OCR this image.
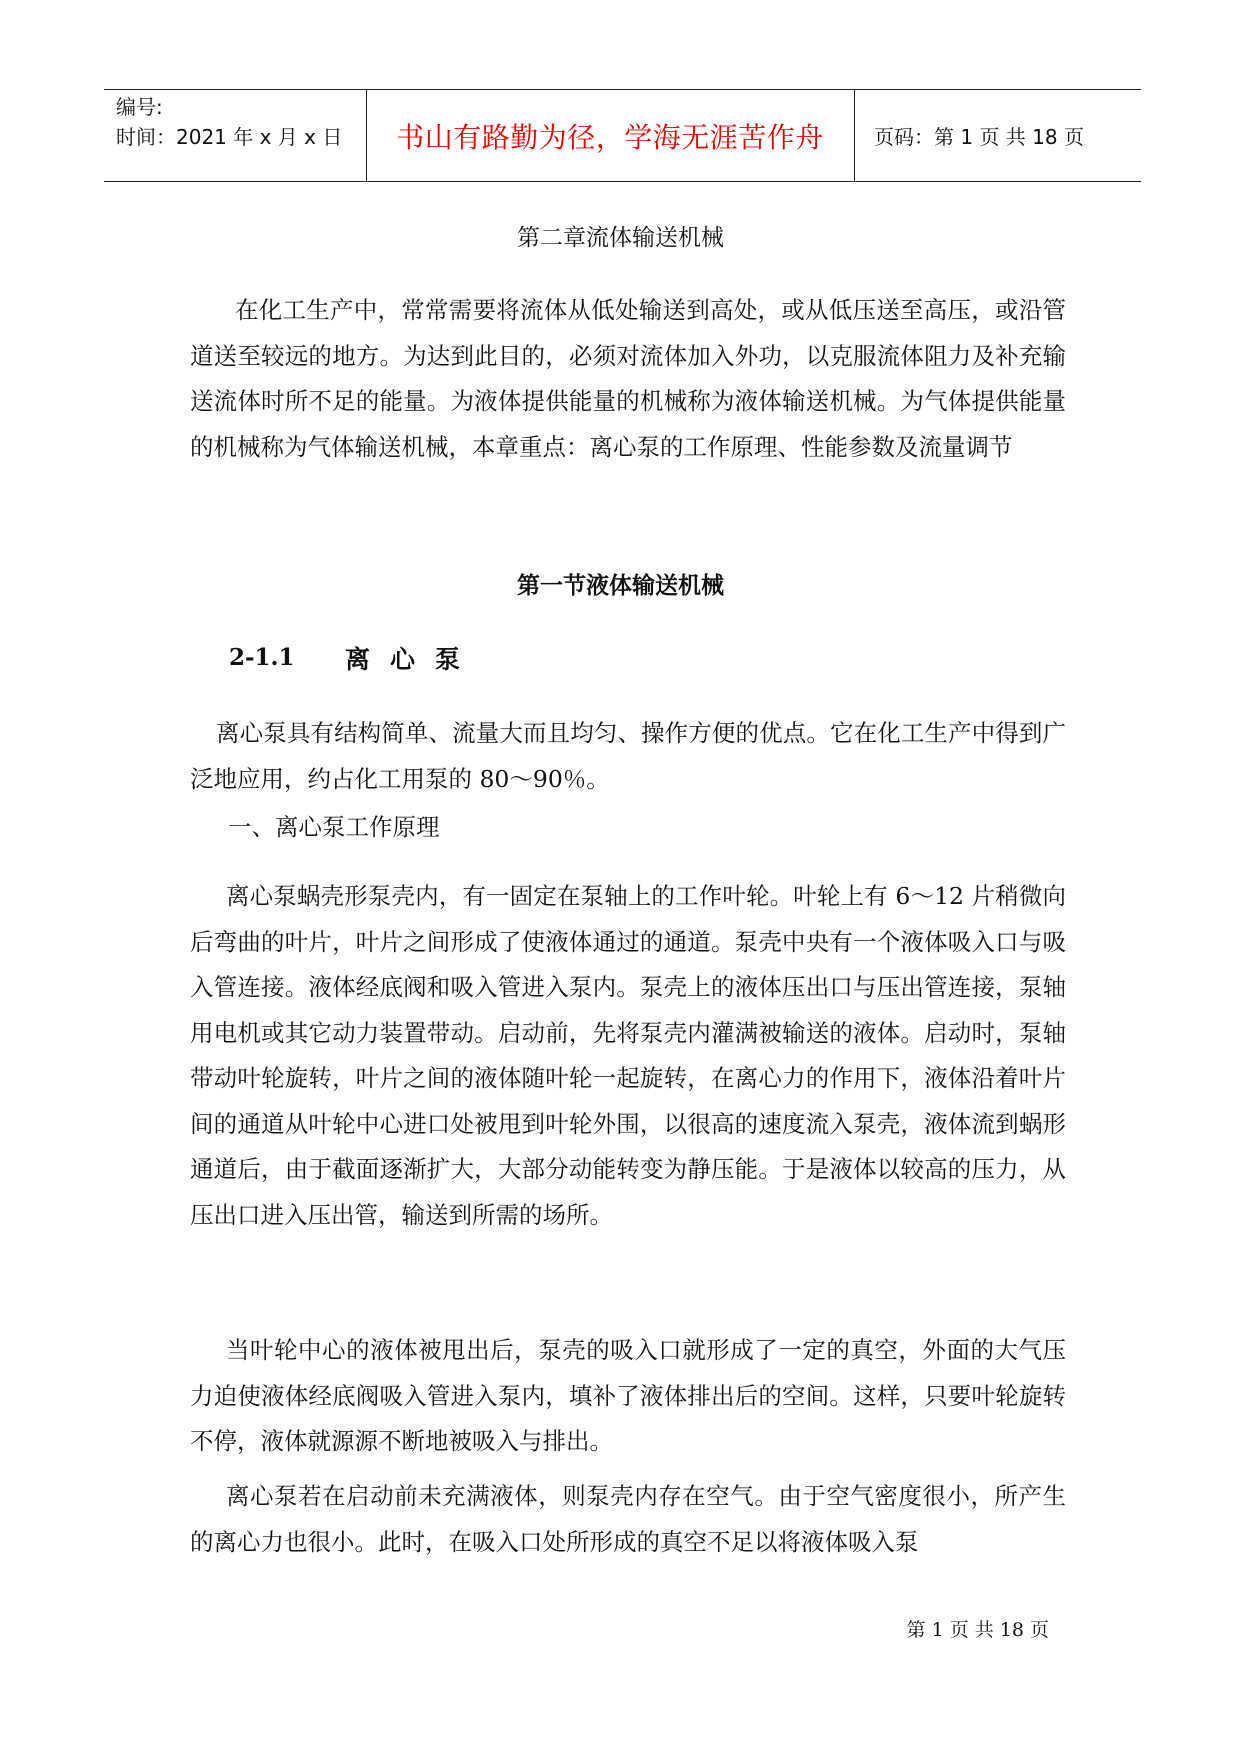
编号:
时间：2021 年 x 月 x 日	书山有路勤为径，学海无涯苦作舟	页码：第 1 页 共 18 页
第二章流体输送机械

在化工生产中，常常需要将流体从低处输送到高处，或从低压送至高压，或沿管道送至较远的地方。为达到此目的，必须对流体加入外功，以克服流体阻力及补充输送流体时所不足的能量。为液体提供能量的机械称为液体输送机械。为气体提供能量的机械称为气体输送机械，本章重点：离心泵的工作原理、性能参数及流量调节

第一节液体输送机械
2-1.1 离心泵

离心泵具有结构简单、流量大而且均匀、操作方便的优点。它在化工生产中得到广泛地应用，约占化工用泵的 80～90％。

一、离心泵工作原理

离心泵蜗壳形泵壳内，有一固定在泵轴上的工作叶轮。叶轮上有 6～12 片稍微向后弯曲的叶片，叶片之间形成了使液体通过的通道。泵壳中央有一个液体吸入口与吸入管连接。液体经底阀和吸入管进入泵内。泵壳上的液体压出口与压出管连接，泵轴用电机或其它动力装置带动。启动前，先将泵壳内灌满被输送的液体。启动时，泵轴带动叶轮旋转，叶片之间的液体随叶轮一起旋转，在离心力的作用下，液体沿着叶片间的通道从叶轮中心进口处被甩到叶轮外围，以很高的速度流入泵壳，液体流到蜗形通道后，由于截面逐渐扩大，大部分动能转变为静压能。于是液体以较高的压力，从压出口进入压出管，输送到所需的场所。

当叶轮中心的液体被甩出后，泵壳的吸入口就形成了一定的真空，外面的大气压力迫使液体经底阀吸入管进入泵内，填补了液体排出后的空间。这样，只要叶轮旋转不停，液体就源源不断地被吸入与排出。

离心泵若在启动前未充满液体，则泵壳内存在空气。由于空气密度很小，所产生的离心力也很小。此时，在吸入口处所形成的真空不足以将液体吸入泵

第 1 页 共 18 页
